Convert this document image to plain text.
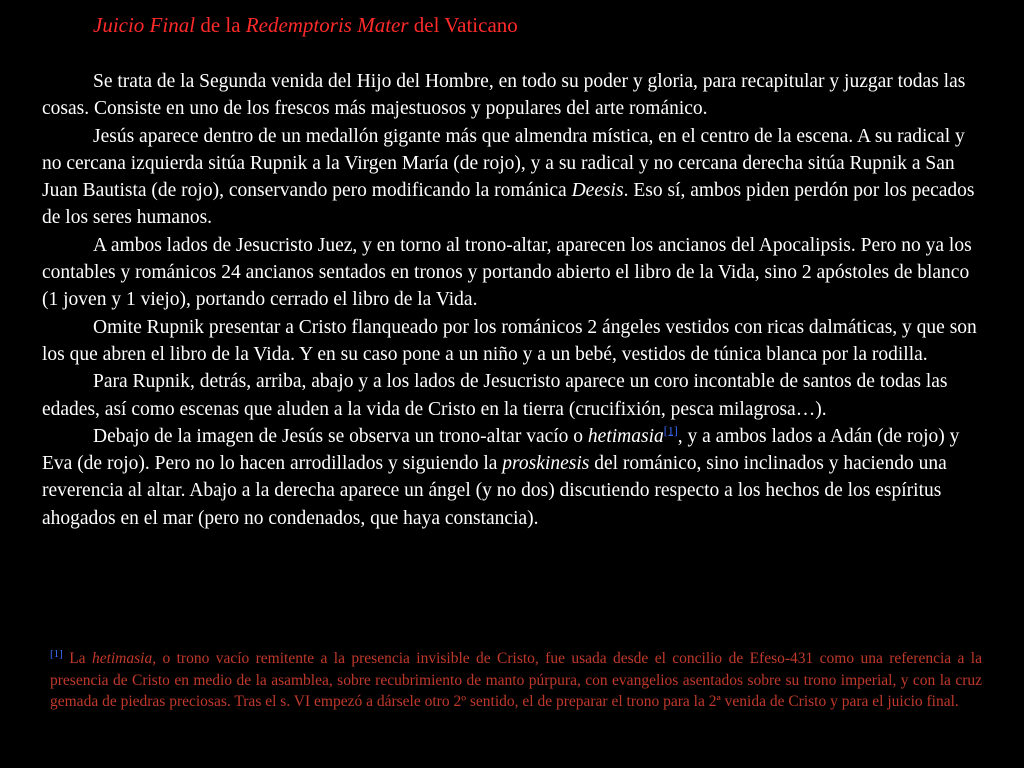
Juicio Final de la Redemptoris Mater del Vaticano

Se trata de la Segunda venida del Hijo del Hombre, en todo su poder y gloria, para recapitular y juzgar todas las cosas. Consiste en uno de los frescos más majestuosos y populares del arte románico.

Jesús aparece dentro de un medallón gigante más que almendra mística, en el centro de la escena. A su radical y no cercana izquierda sitúa Rupnik a la Virgen María (de rojo), y a su radical y no cercana derecha sitúa Rupnik a San Juan Bautista (de rojo), conservando pero modificando la románica Deesis. Eso sí, ambos piden perdón por los pecados de los seres humanos.

A ambos lados de Jesucristo Juez, y en torno al trono-altar, aparecen los ancianos del Apocalipsis. Pero no ya los contables y románicos 24 ancianos sentados en tronos y portando abierto el libro de la Vida, sino 2 apóstoles de blanco (1 joven y 1 viejo), portando cerrado el libro de la Vida.

Omite Rupnik presentar a Cristo flanqueado por los románicos 2 ángeles vestidos con ricas dalmáticas, y que son los que abren el libro de la Vida. Y en su caso pone a un niño y a un bebé, vestidos de túnica blanca por la rodilla.

Para Rupnik, detrás, arriba, abajo y a los lados de Jesucristo aparece un coro incontable de santos de todas las edades, así como escenas que aluden a la vida de Cristo en la tierra (crucifixión, pesca milagrosa…).

Debajo de la imagen de Jesús se observa un trono-altar vacío o hetimasia[1], y a ambos lados a Adán (de rojo) y Eva (de rojo). Pero no lo hacen arrodillados y siguiendo la proskinesis del románico, sino inclinados y haciendo una reverencia al altar. Abajo a la derecha aparece un ángel (y no dos) discutiendo respecto a los hechos de los espíritus ahogados en el mar (pero no condenados, que haya constancia).

[1] La hetimasia, o trono vacío remitente a la presencia invisible de Cristo, fue usada desde el concilio de Efeso-431 como una referencia a la presencia de Cristo en medio de la asamblea, sobre recubrimiento de manto púrpura, con evangelios asentados sobre su trono imperial, y con la cruz gemada de piedras preciosas. Tras el s. VI empezó a dársele otro 2º sentido, el de preparar el trono para la 2ª venida de Cristo y para el juicio final.
